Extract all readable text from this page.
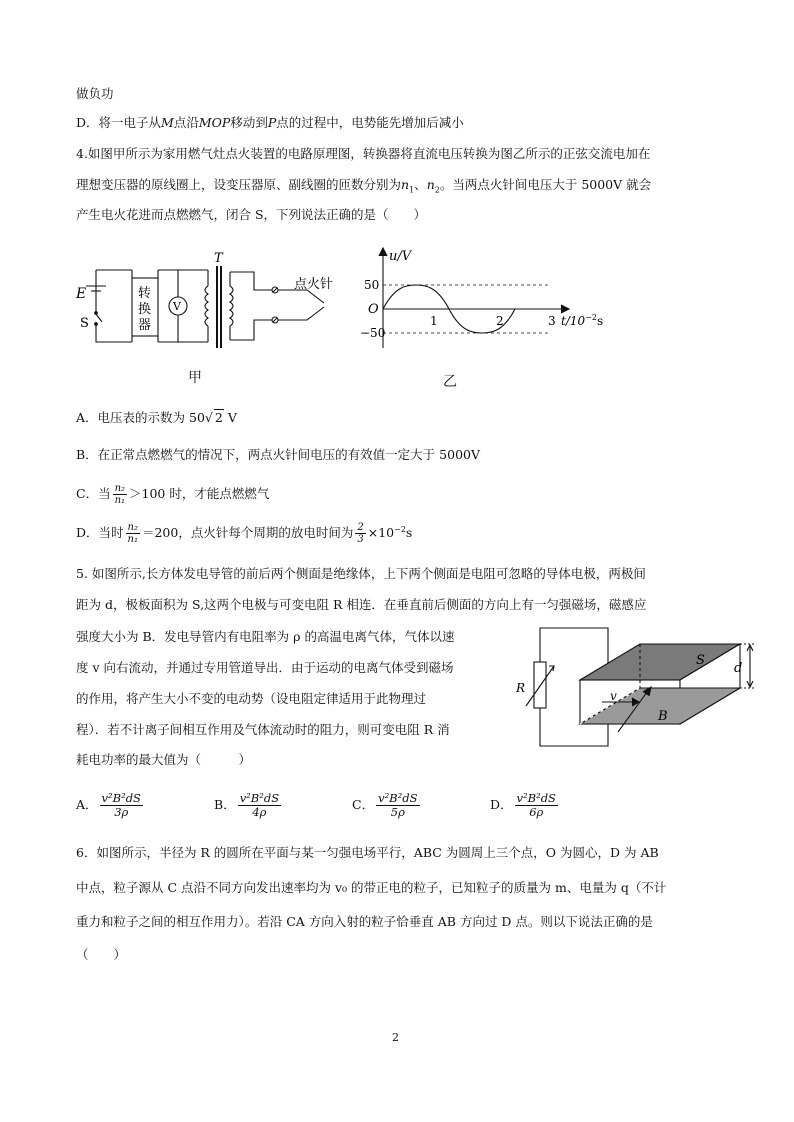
做负功
D．将一电子从M点沿MOP移动到P点的过程中，电势能先增加后减小
4.如图甲所示为家用燃气灶点火装置的电路原理图，转换器将直流电压转换为图乙所示的正弦交流电加在
理想变压器的原线圈上，设变压器原、副线圈的匝数分别为$n_1$、$n_2$。当两点火针间电压大于 5000V 就会
产生电火花进而点燃燃气，闭合 S，下列说法正确的是（　　）
E
S
转
换
器
V
T
点火针
甲
u/V
50
−50
O
1	2	3 $t/10^{-2}s$
乙
A．电压表的示数为 50√ 2 V
B．在正常点燃燃气的情况下，两点火针间电压的有效值一定大于 5000V
C．当 $\frac{\text{n₂}}{\text{n₁}} >100$ 时，才能点燃燃气
D．当时 $\frac{\text{n₂}}{\text{n₁}} =200$，点火针每个周期的放电时间为 $\frac{2}{3} \times 10^{-2}s$
5. 如图所示,长方体发电导管的前后两个侧面是绝缘体，上下两个侧面是电阻可忽略的导体电极，两极间
距为 d，极板面积为 S,这两个电极与可变电阻 R 相连．在垂直前后侧面的方向上有一匀强磁场，磁感应
强度大小为 B．发电导管内有电阻率为 ρ 的高温电离气体，气体以速
度 v 向右流动，并通过专用管道导出．由于运动的电离气体受到磁场
的作用，将产生大小不变的电动势（设电阻定律适用于此物理过
程）．若不计离子间相互作用及气体流动时的阻力，则可变电阻 R 消
耗电功率的最大值为（　　　）
R
S
d
v
B
A． $\frac{\text{v²B²dS}}{3\rho}$	B． $\frac{\text{v²B²dS}}{4\rho}$	C． $\frac{\text{v²B²dS}}{5\rho}$	D． $\frac{\text{v²B²dS}}{6\rho}$
6．如图所示，半径为 R 的圆所在平面与某一匀强电场平行，ABC 为圆周上三个点，O 为圆心，D 为 AB
中点，粒子源从 C 点沿不同方向发出速率均为 v₀ 的带正电的粒子，已知粒子的质量为 m、电量为 q（不计
重力和粒子之间的相互作用力）。若沿 CA 方向入射的粒子恰垂直 AB 方向过 D 点。则以下说法正确的是
（　　）
2
